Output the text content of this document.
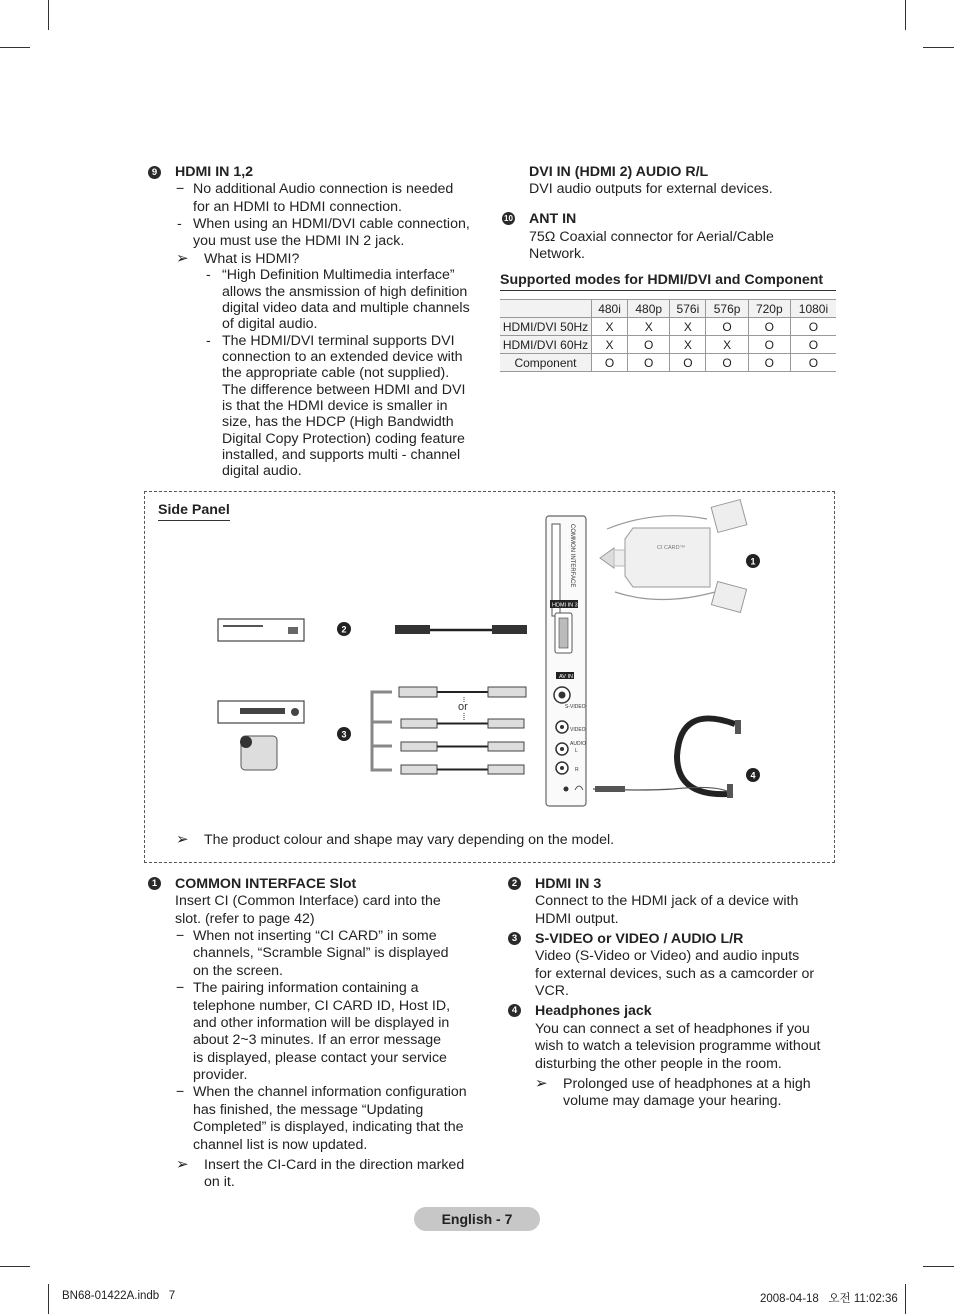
9 HDMI IN 1,2
− No additional Audio connection is needed
for an HDMI to HDMI connection.
- When using an HDMI/DVI cable connection,
you must use the HDMI IN 2 jack.
➢ What is HDMI?
- “High Definition Multimedia interface”
allows the ansmission of high definition
digital video data and multiple channels
of digital audio.
- The HDMI/DVI terminal supports DVI
connection to an extended device with
the appropriate cable (not supplied).
The difference between HDMI and DVI
is that the HDMI device is smaller in
size, has the HDCP (High Bandwidth
Digital Copy Protection) coding feature
installed, and supports multi - channel
digital audio.
DVI IN (HDMI 2) AUDIO R/L
DVI audio outputs for external devices.
10 ANT IN
75Ω Coaxial connector for Aerial/Cable
Network.
Supported modes for HDMI/DVI and Component
	480i	480p	576i	576p	720p	1080i
HDMI/DVI 50Hz	X	X	X	O	O	O
HDMI/DVI 60Hz	X	O	X	X	O	O
Component	O	O	O	O	O	O
Side Panel
COMMON INTERFACE
HDMI IN 3
AV IN
S-VIDEO
VIDEO
AUDIO
L
R
CI CARD™
1
2
3
or
4
➢ The product colour and shape may vary depending on the model.
1 COMMON INTERFACE Slot
Insert CI (Common Interface) card into the
slot. (refer to page 42)
− When not inserting “CI CARD” in some
channels, “Scramble Signal” is displayed
on the screen.
− The pairing information containing a
telephone number, CI CARD ID, Host ID,
and other information will be displayed in
about 2~3 minutes. If an error message
is displayed, please contact your service
provider.
− When the channel information configuration
has finished, the message “Updating
Completed” is displayed, indicating that the
channel list is now updated.
➢ Insert the CI-Card in the direction marked
on it.
2 HDMI IN 3
Connect to the HDMI jack of a device with
HDMI output.
3 S-VIDEO or VIDEO / AUDIO L/R
Video (S-Video or Video) and audio inputs
for external devices, such as a camcorder or
VCR.
4 Headphones jack
You can connect a set of headphones if you
wish to watch a television programme without
disturbing the other people in the room.
➢ Prolonged use of headphones at a high
volume may damage your hearing.
English - 7
BN68-01422A.indb   7	2008-04-18   오전 11:02:36
